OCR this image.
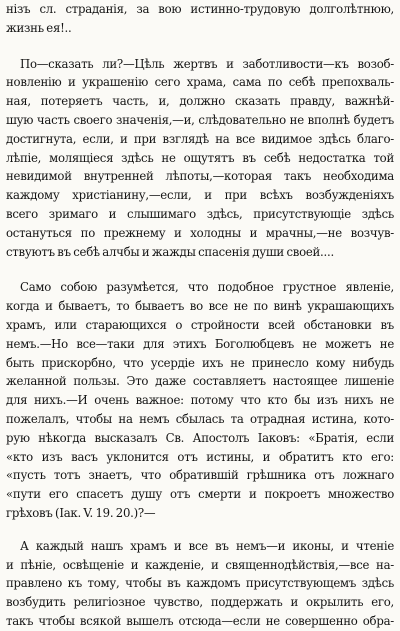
нізъ сл. страданія, за вою истинно-трудовую долголѣтнюю,
жизнь ея!..
По—сказать ли?—Цѣль жертвъ и заботливости—къ возоб-
новленію и украшенію сего храма, сама по себѣ препохваль-
ная, потеряетъ часть, и, должно сказать правду, важнѣй-
шую часть своего значенія,—и, слѣдовательно не вполнѣ будетъ
достигнута, если, и при взглядѣ на все видимое здѣсь благо-
лѣпіе, молящіеся здѣсь не ощутятъ въ себѣ недостатка той
невидимой внутренней лѣпоты,—которая такъ необходима
каждому христіанину,—если, и при всѣхъ возбужденіяхъ
всего зримаго и слышимаго здѣсь, присутствующіе здѣсь
остануться по прежнему и холодны и мрачны,—не возчув-
ствуютъ въ себѣ алчбы и жажды спасенія души своей....
Само собою разумѣется, что подобное грустное явленіе,
когда и бываетъ, то бываетъ во все не по винѣ украшающихъ
храмъ, или старающихся о стройности всей обстановки въ
немъ.—Но все—таки для этихъ Боголюбцевъ не можетъ не
быть прискорбно, что усердіе ихъ не принесло кому нибудь
желанной пользы. Это даже составляетъ настоящее лишеніе
для нихъ.—И очень важное: потому что кто бы изъ нихъ не
пожелалъ, чтобы на немъ сбылась та отрадная истина, кото-
рую нѣкогда высказалъ Св. Апостолъ Іаковъ: «Братія, если
«кто изъ васъ уклонится отъ истины, и обратитъ кто его:
«пусть тотъ знаетъ, что обратившій грѣшника отъ ложнаго
«пути его спасетъ душу отъ смерти и покроетъ множество
грѣховъ (Іак. V. 19. 20.)?—
А каждый нашъ храмъ и все въ немъ—и иконы, и чтеніе
и пѣніе, освѣщеніе и кажденіе, и священнодѣйствія,—все на-
правлено къ тому, чтобы въ каждомъ присутствующемъ здѣсь
возбудить религіозное чувство, поддержать и окрылить его,
такъ чтобы всякой вышелъ отсюда—если не совершенно обра-
